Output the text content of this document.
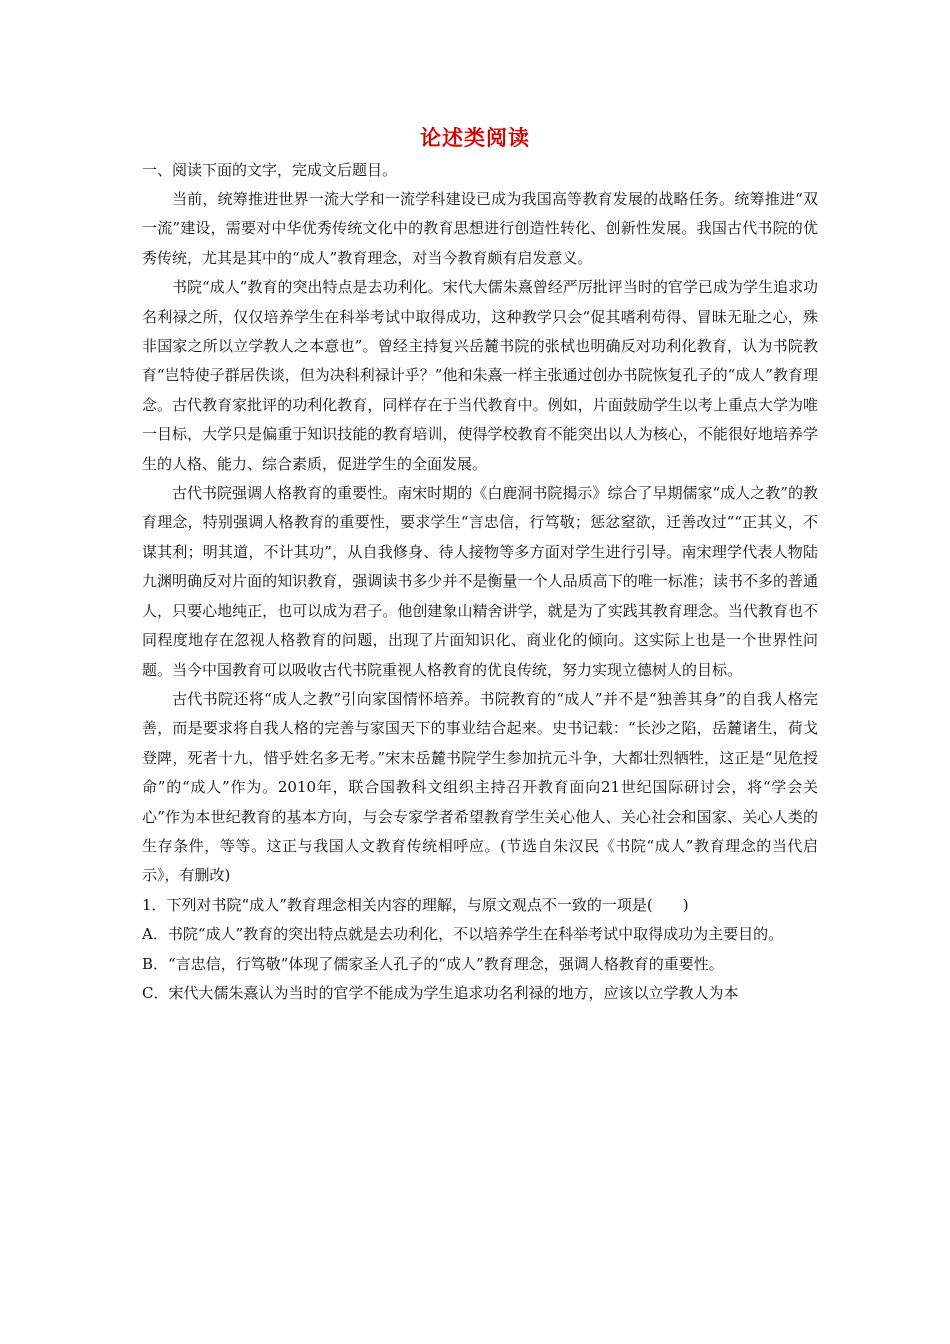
论述类阅读
一、阅读下面的文字，完成文后题目。

当前，统筹推进世界一流大学和一流学科建设已成为我国高等教育发展的战略任务。统筹推进“双一流”建设，需要对中华优秀传统文化中的教育思想进行创造性转化、创新性发展。我国古代书院的优秀传统，尤其是其中的“成人”教育理念，对当今教育颇有启发意义。

书院“成人”教育的突出特点是去功利化。宋代大儒朱熹曾经严厉批评当时的官学已成为学生追求功名利禄之所，仅仅培养学生在科举考试中取得成功，这种教学只会“促其嗜利苟得、冒昧无耻之心，殊非国家之所以立学教人之本意也”。曾经主持复兴岳麓书院的张栻也明确反对功利化教育，认为书院教育“岂特使子群居佚谈，但为决科利禄计乎？”他和朱熹一样主张通过创办书院恢复孔子的“成人”教育理念。古代教育家批评的功利化教育，同样存在于当代教育中。例如，片面鼓励学生以考上重点大学为唯一目标，大学只是偏重于知识技能的教育培训，使得学校教育不能突出以人为核心，不能很好地培养学生的人格、能力、综合素质，促进学生的全面发展。

古代书院强调人格教育的重要性。南宋时期的《白鹿洞书院揭示》综合了早期儒家“成人之教”的教育理念，特别强调人格教育的重要性，要求学生“言忠信，行笃敬；惩忿窒欲，迁善改过”“正其义，不谋其利；明其道，不计其功”，从自我修身、待人接物等多方面对学生进行引导。南宋理学代表人物陆九渊明确反对片面的知识教育，强调读书多少并不是衡量一个人品质高下的唯一标准；读书不多的普通人，只要心地纯正，也可以成为君子。他创建象山精舍讲学，就是为了实践其教育理念。当代教育也不同程度地存在忽视人格教育的问题，出现了片面知识化、商业化的倾向。这实际上也是一个世界性问题。当今中国教育可以吸收古代书院重视人格教育的优良传统，努力实现立德树人的目标。

古代书院还将“成人之教”引向家国情怀培养。书院教育的“成人”并不是“独善其身”的自我人格完善，而是要求将自我人格的完善与家国天下的事业结合起来。史书记载：“长沙之陷，岳麓诸生，荷戈登陴，死者十九，惜乎姓名多无考。”宋末岳麓书院学生参加抗元斗争，大都壮烈牺牲，这正是“见危授命”的“成人”作为。2010年，联合国教科文组织主持召开教育面向21世纪国际研讨会，将“学会关心”作为本世纪教育的基本方向，与会专家学者希望教育学生关心他人、关心社会和国家、关心人类的生存条件，等等。这正与我国人文教育传统相呼应。(节选自朱汉民《书院“成人”教育理念的当代启示》，有删改)

1．下列对书院“成人”教育理念相关内容的理解，与原文观点不一致的一项是(　　)

A．书院“成人”教育的突出特点就是去功利化，不以培养学生在科举考试中取得成功为主要目的。

B．“言忠信，行笃敬”体现了儒家圣人孔子的“成人”教育理念，强调人格教育的重要性。

C．宋代大儒朱熹认为当时的官学不能成为学生追求功名利禄的地方，应该以立学教人为本
